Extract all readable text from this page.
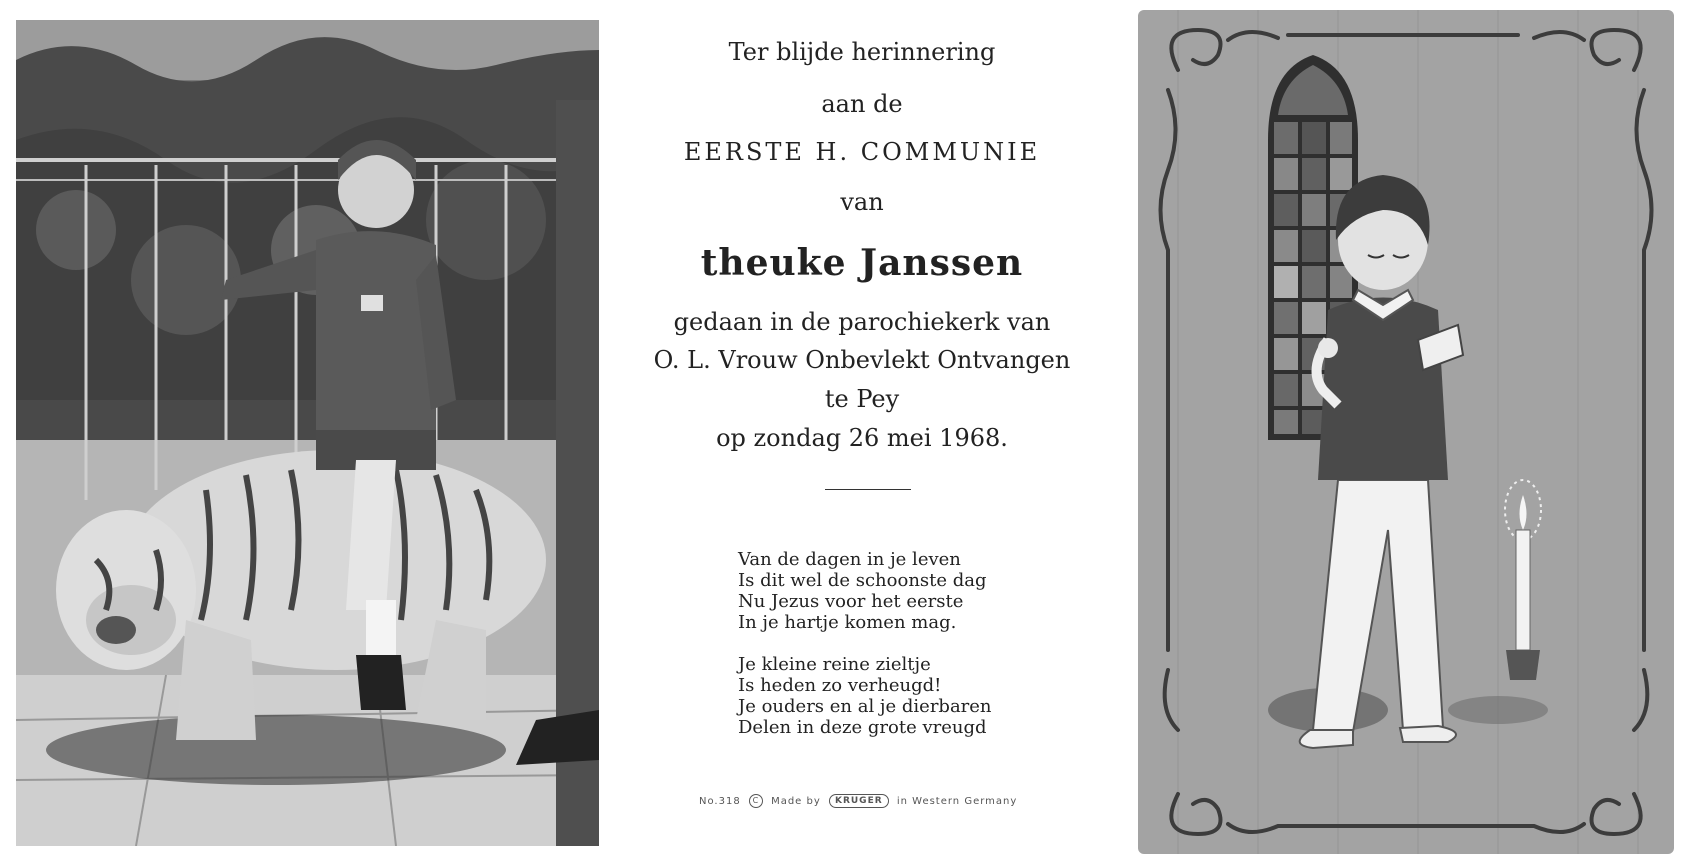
Ter blijde herinnering
aan de
EERSTE H. COMMUNIE
van
theuke Janssen
gedaan in de parochiekerk van
O. L. Vrouw Onbevlekt Ontvangen
te Pey
op zondag 26 mei 1968.
Van de dagen in je leven
Is dit wel de schoonste dag
Nu Jezus voor het eerste
In je hartje komen mag.
Je kleine reine zieltje
Is heden zo verheugd!
Je ouders en al je dierbaren
Delen in deze grote vreugd
No.318 C Made by KRUGER in Western Germany
